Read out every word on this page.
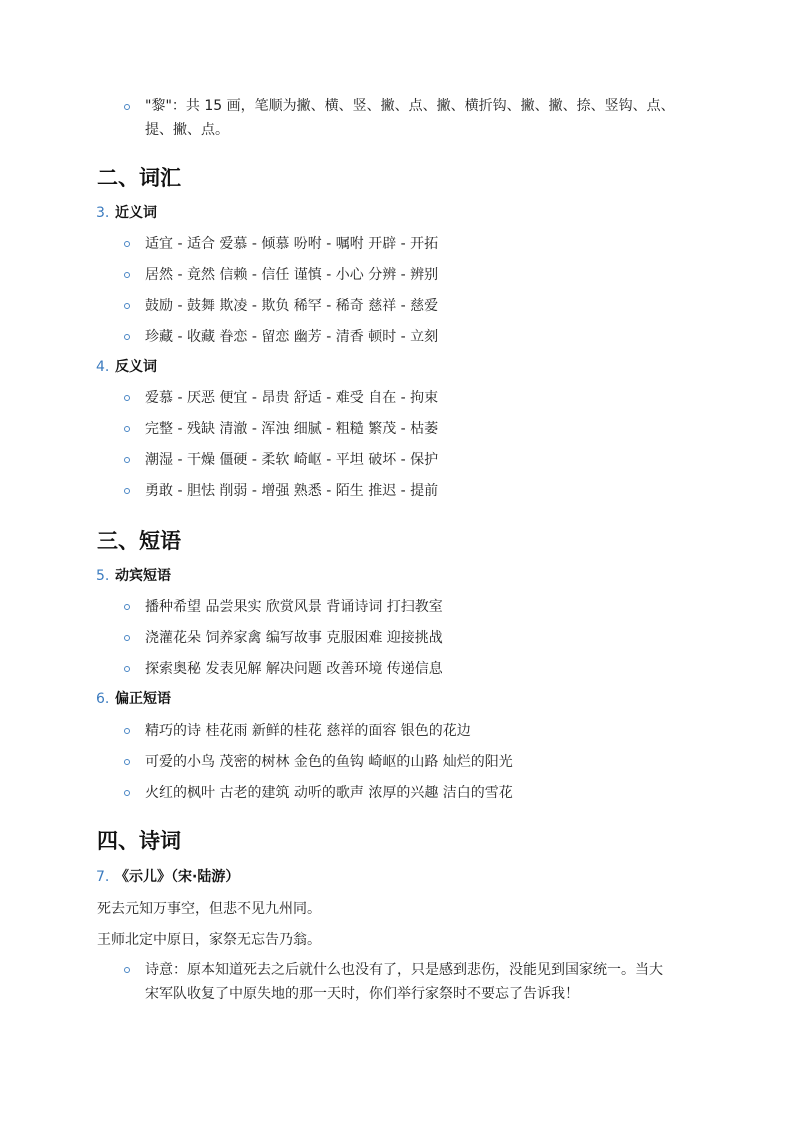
"黎"：共 15 画，笔顺为撇、横、竖、撇、点、撇、横折钩、撇、撇、捺、竖钩、点、
提、撇、点。
二、词汇
3. 近义词
适宜 - 适合 爱慕 - 倾慕 吩咐 - 嘱咐 开辟 - 开拓
居然 - 竟然 信赖 - 信任 谨慎 - 小心 分辨 - 辨别
鼓励 - 鼓舞 欺凌 - 欺负 稀罕 - 稀奇 慈祥 - 慈爱
珍藏 - 收藏 眷恋 - 留恋 幽芳 - 清香 顿时 - 立刻
4. 反义词
爱慕 - 厌恶 便宜 - 昂贵 舒适 - 难受 自在 - 拘束
完整 - 残缺 清澈 - 浑浊 细腻 - 粗糙 繁茂 - 枯萎
潮湿 - 干燥 僵硬 - 柔软 崎岖 - 平坦 破坏 - 保护
勇敢 - 胆怯 削弱 - 增强 熟悉 - 陌生 推迟 - 提前
三、短语
5. 动宾短语
播种希望 品尝果实 欣赏风景 背诵诗词 打扫教室
浇灌花朵 饲养家禽 编写故事 克服困难 迎接挑战
探索奥秘 发表见解 解决问题 改善环境 传递信息
6. 偏正短语
精巧的诗 桂花雨 新鲜的桂花 慈祥的面容 银色的花边
可爱的小鸟 茂密的树林 金色的鱼钩 崎岖的山路 灿烂的阳光
火红的枫叶 古老的建筑 动听的歌声 浓厚的兴趣 洁白的雪花
四、诗词
7. 《示儿》（宋·陆游）
死去元知万事空，但悲不见九州同。
王师北定中原日，家祭无忘告乃翁。
诗意：原本知道死去之后就什么也没有了，只是感到悲伤，没能见到国家统一。当大
宋军队收复了中原失地的那一天时，你们举行家祭时不要忘了告诉我！
